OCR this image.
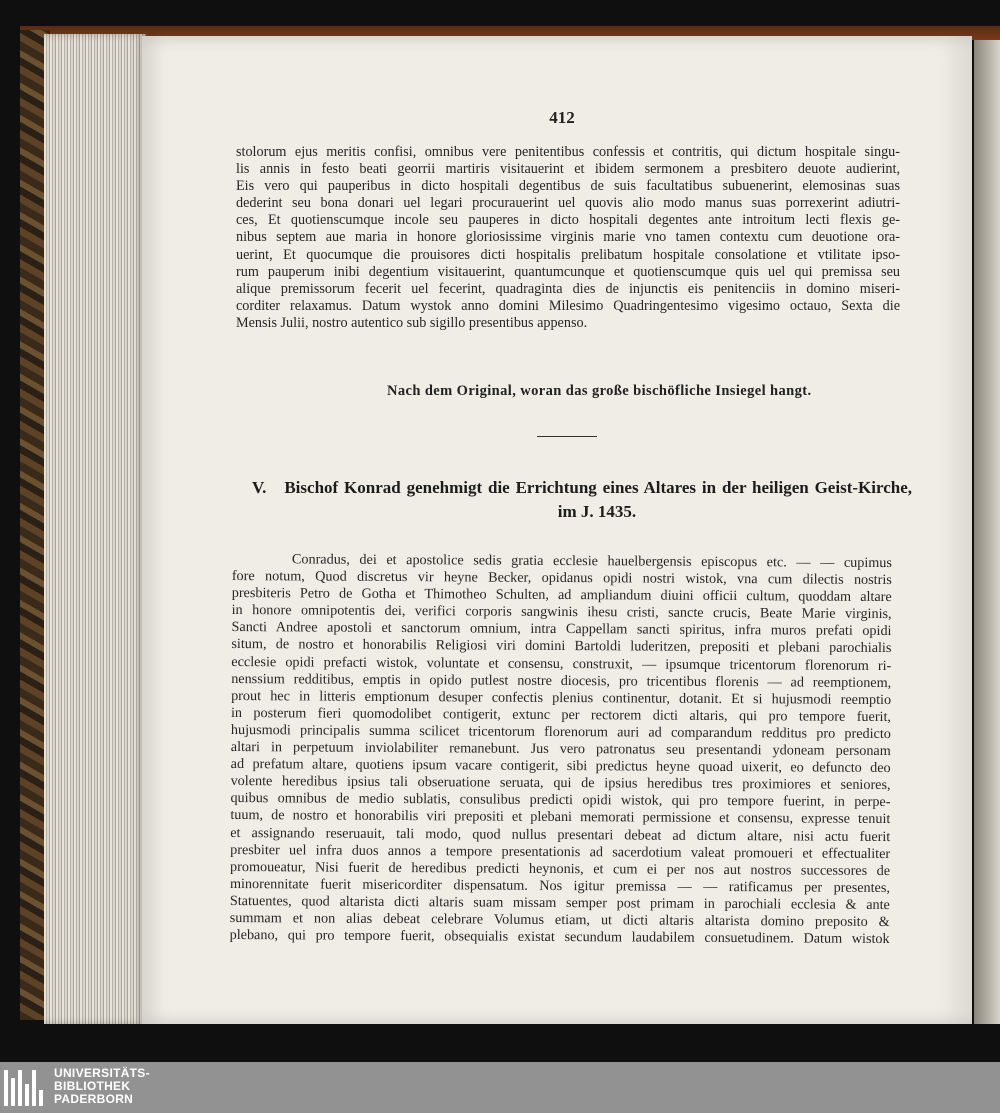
412
stolorum ejus meritis confisi, omnibus vere penitentibus confessis et contritis, qui dictum hospitale singu-
lis annis in festo beati georrii martiris visitauerint et ibidem sermonem a presbitero deuote audierint,
Eis vero qui pauperibus in dicto hospitali degentibus de suis facultatibus subuenerint, elemosinas suas
dederint seu bona donari uel legari procurauerint uel quovis alio modo manus suas porrexerint adiutri-
ces, Et quotienscumque incole seu pauperes in dicto hospitali degentes ante introitum lecti flexis ge-
nibus septem aue maria in honore gloriosissime virginis marie vno tamen contextu cum deuotione ora-
uerint, Et quocumque die prouisores dicti hospitalis prelibatum hospitale consolatione et vtilitate ipso-
rum pauperum inibi degentium visitauerint, quantumcunque et quotienscumque quis uel qui premissa seu
alique premissorum fecerit uel fecerint, quadraginta dies de injunctis eis penitenciis in domino miseri-
corditer relaxamus. Datum wystok anno domini Milesimo Quadringentesimo vigesimo octauo, Sexta die
Mensis Julii, nostro autentico sub sigillo presentibus appenso.
Nach dem Original, woran das große bischöfliche Insiegel hangt.
V. Bischof Konrad genehmigt die Errichtung eines Altares in der heiligen Geist-Kirche,
im J. 1435.
Conradus, dei et apostolice sedis gratia ecclesie hauelbergensis episcopus etc. — — cupimus
fore notum, Quod discretus vir heyne Becker, opidanus opidi nostri wistok, vna cum dilectis nostris
presbiteris Petro de Gotha et Thimotheo Schulten, ad ampliandum diuini officii cultum, quoddam altare
in honore omnipotentis dei, verifici corporis sangwinis ihesu cristi, sancte crucis, Beate Marie virginis,
Sancti Andree apostoli et sanctorum omnium, intra Cappellam sancti spiritus, infra muros prefati opidi
situm, de nostro et honorabilis Religiosi viri domini Bartoldi luderitzen, prepositi et plebani parochialis
ecclesie opidi prefacti wistok, voluntate et consensu, construxit, — ipsumque tricentorum florenorum ri-
nenssium redditibus, emptis in opido putlest nostre diocesis, pro tricentibus florenis — ad reemptionem,
prout hec in litteris emptionum desuper confectis plenius continentur, dotanit. Et si hujusmodi reemptio
in posterum fieri quomodolibet contigerit, extunc per rectorem dicti altaris, qui pro tempore fuerit,
hujusmodi principalis summa scilicet tricentorum florenorum auri ad comparandum redditus pro predicto
altari in perpetuum inviolabiliter remanebunt. Jus vero patronatus seu presentandi ydoneam personam
ad prefatum altare, quotiens ipsum vacare contigerit, sibi predictus heyne quoad uixerit, eo defuncto deo
volente heredibus ipsius tali obseruatione seruata, qui de ipsius heredibus tres proximiores et seniores,
quibus omnibus de medio sublatis, consulibus predicti opidi wistok, qui pro tempore fuerint, in perpe-
tuum, de nostro et honorabilis viri prepositi et plebani memorati permissione et consensu, expresse tenuit
et assignando reseruauit, tali modo, quod nullus presentari debeat ad dictum altare, nisi actu fuerit
presbiter uel infra duos annos a tempore presentationis ad sacerdotium valeat promoueri et effectualiter
promoueatur, Nisi fuerit de heredibus predicti heynonis, et cum ei per nos aut nostros successores de
minorennitate fuerit misericorditer dispensatum. Nos igitur premissa — — ratificamus per presentes,
Statuentes, quod altarista dicti altaris suam missam semper post primam in parochiali ecclesia & ante
summam et non alias debeat celebrare Volumus etiam, ut dicti altaris altarista domino preposito &
plebano, qui pro tempore fuerit, obsequialis existat secundum laudabilem consuetudinem. Datum wistok
UNIVERSITÄTS-
BIBLIOTHEK
PADERBORN
